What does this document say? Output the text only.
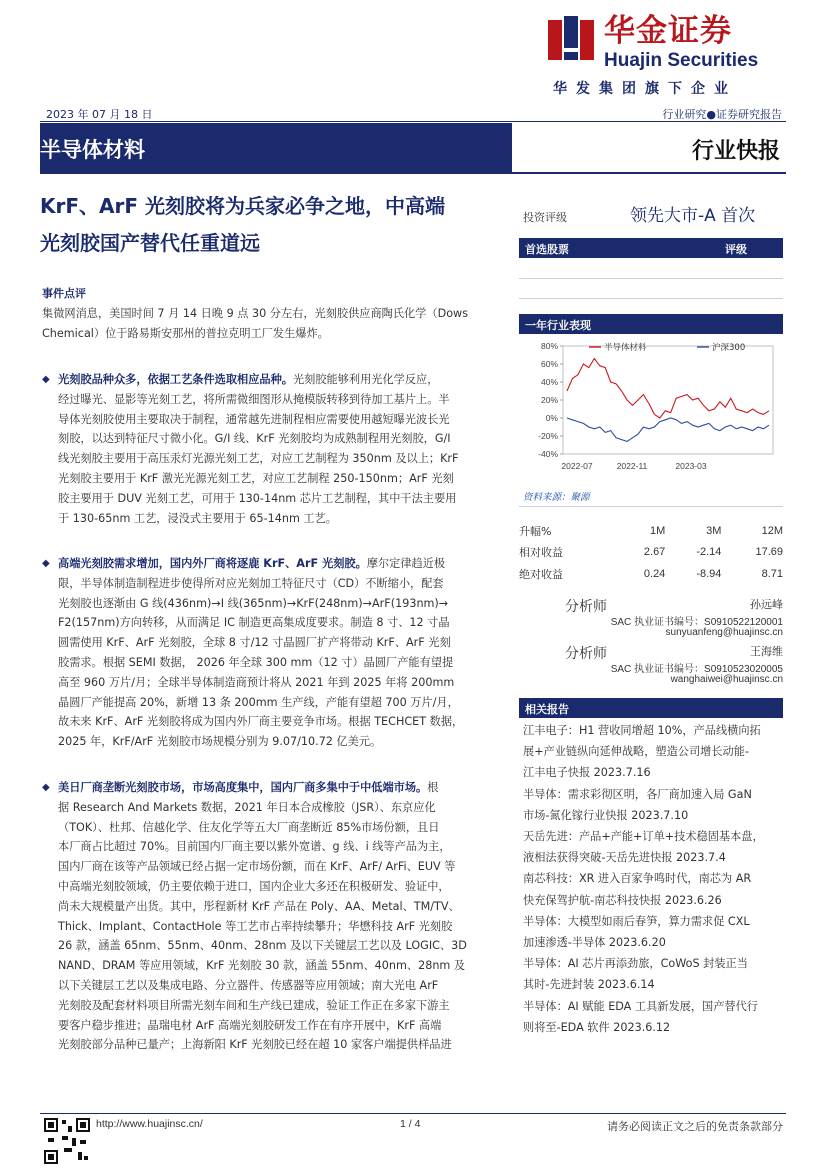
华金证券
Huajin Securities
华发集团旗下企业
2023 年 07 月 18 日	行业研究●证券研究报告
半导体材料	行业快报
KrF、ArF 光刻胶将为兵家必争之地，中高端
光刻胶国产替代任重道远
事件点评
集微网消息，美国时间 7 月 14 日晚 9 点 30 分左右，光刻胶供应商陶氏化学（Dows
Chemical）位于路易斯安那州的普拉克明工厂发生爆炸。
◆ 光刻胶品种众多，依据工艺条件选取相应品种。光刻胶能够利用光化学反应，
经过曝光、显影等光刻工艺，将所需微细图形从掩模版转移到待加工基片上。半
导体光刻胶使用主要取决于制程，通常越先进制程相应需要使用越短曝光波长光
刻胶，以达到特征尺寸微小化。G/I 线、KrF 光刻胶均为成熟制程用光刻胶，G/I
线光刻胶主要用于高压汞灯光源光刻工艺，对应工艺制程为 350nm 及以上；KrF
光刻胶主要用于 KrF 激光光源光刻工艺，对应工艺制程 250-150nm；ArF 光刻
胶主要用于 DUV 光刻工艺，可用于 130-14nm 芯片工艺制程，其中干法主要用
于 130-65nm 工艺，浸没式主要用于 65-14nm 工艺。
◆ 高端光刻胶需求增加，国内外厂商将逐鹿 KrF、ArF 光刻胶。摩尔定律趋近极
限，半导体制造制程进步使得所对应光刻加工特征尺寸（CD）不断缩小，配套
光刻胶也逐渐由 G 线(436nm)→I 线(365nm)→KrF(248nm)→ArF(193nm)→
F2(157nm)方向转移，从而满足 IC 制造更高集成度要求。制造 8 寸、12 寸晶
圆需使用 KrF、ArF 光刻胶，全球 8 寸/12 寸晶圆厂扩产将带动 KrF、ArF 光刻
胶需求。根据 SEMI 数据， 2026 年全球 300 mm（12 寸）晶圆厂产能有望提
高至 960 万片/月；全球半导体制造商预计将从 2021 年到 2025 年将 200mm
晶圆厂产能提高 20%，新增 13 条 200mm 生产线，产能有望超 700 万片/月，
故未来 KrF、ArF 光刻胶将成为国内外厂商主要竞争市场。根据 TECHCET 数据，
2025 年，KrF/ArF 光刻胶市场规模分别为 9.07/10.72 亿美元。
◆ 美日厂商垄断光刻胶市场，市场高度集中，国内厂商多集中于中低端市场。根
据 Research And Markets 数据，2021 年日本合成橡胶（JSR）、东京应化
（TOK）、杜邦、信越化学、住友化学等五大厂商垄断近 85%市场份额，且日
本厂商占比超过 70%。目前国内厂商主要以紫外宽谱、g 线、i 线等产品为主，
国内厂商在该等产品领域已经占据一定市场份额，而在 KrF、ArF/ ArFi、EUV 等
中高端光刻胶领域，仍主要依赖于进口，国内企业大多还在积极研发、验证中，
尚未大规模量产出货。其中，彤程新材 KrF 产品在 Poly、AA、Metal、TM/TV、
Thick、Implant、ContactHole 等工艺市占率持续攀升；华懋科技 ArF 光刻胶
26 款，涵盖 65nm、55nm、40nm、28nm 及以下关键层工艺以及 LOGIC、3D
NAND、DRAM 等应用领域，KrF 光刻胶 30 款，涵盖 55nm、40nm、28nm 及
以下关键层工艺以及集成电路、分立器件、传感器等应用领域；南大光电 ArF
光刻胶及配套材料项目所需光刻车间和生产线已建成，验证工作正在多家下游主
要客户稳步推进；晶瑞电材 ArF 高端光刻胶研发工作在有序开展中，KrF 高端
光刻胶部分品种已量产；上海新阳 KrF 光刻胶已经在超 10 家客户端提供样品进
投资评级	领先大市-A 首次
首选股票	评级
一年行业表现
-40%
-20%
0%
20%
40%
60%
80%
2022-07	2022-11	2023-03
半导体材料	沪深300
资料来源：聚源
升幅%	1M	3M	12M
相对收益	2.67	-2.14	17.69
绝对收益	0.24	-8.94	8.71
分析师	孙远峰
SAC 执业证书编号：S0910522120001
sunyuanfeng@huajinsc.cn
分析师	王海维
SAC 执业证书编号：S0910523020005
wanghaiwei@huajinsc.cn
相关报告
江丰电子：H1 营收同增超 10%，产品线横向拓
展+产业链纵向延伸战略，塑造公司增长动能-
江丰电子快报 2023.7.16
半导体：需求彩彻区明，各厂商加速入局 GaN
市场-氮化镓行业快报 2023.7.10
天岳先进：产品+产能+订单+技术稳固基本盘，
液相法获得突破-天岳先进快报 2023.7.4
南芯科技：XR 进入百家争鸣时代，南芯为 AR
快充保驾护航-南芯科技快报 2023.6.26
半导体：大模型如雨后春笋，算力需求促 CXL
加速渗透-半导体 2023.6.20
半导体：AI 芯片再添劲旅，CoWoS 封装正当
其时-先进封装 2023.6.14
半导体：AI 赋能 EDA 工具新发展，国产替代行
则将至-EDA 软件 2023.6.12
http://www.huajinsc.cn/	1 / 4	请务必阅读正文之后的免责条款部分
